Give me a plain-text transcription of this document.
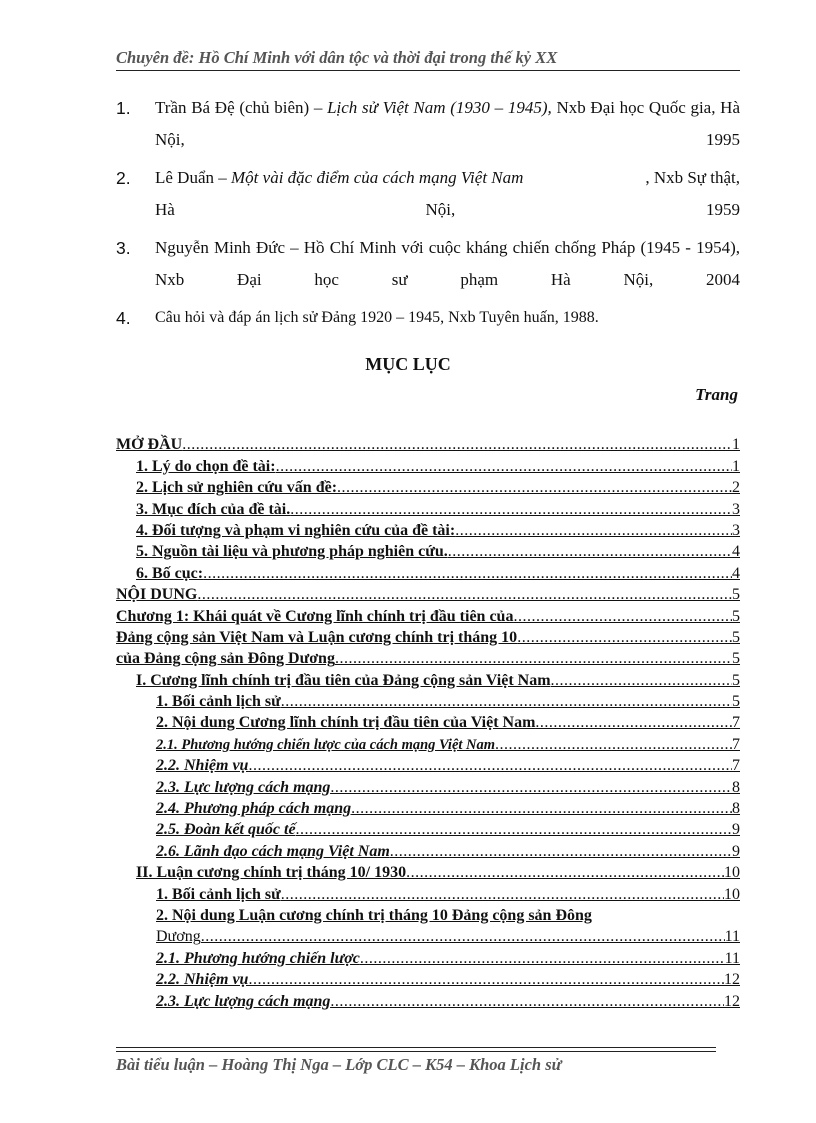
Chuyên đề: Hồ Chí Minh với dân tộc và thời đại trong thế kỷ XX
1. Trần Bá Đệ (chủ biên) – Lịch sử Việt Nam (1930 – 1945), Nxb Đại học Quốc gia, Hà Nội, 1995
2. Lê Duẩn – Một vài đặc điểm của cách mạng Việt Nam	, Nxb Sự thật,
Hà	Nội,	1959
3. Nguyễn Minh Đức – Hồ Chí Minh với cuộc kháng chiến chống Pháp (1945 - 1954), Nxb Đại học sư phạm Hà Nội, 2004
4. Câu hỏi và đáp án lịch sử Đảng 1920 – 1945, Nxb Tuyên huấn, 1988.
MỤC LỤC
Trang
MỞ ĐẦU .....	1
1. Lý do chọn đề tài: .....	1
2. Lịch sử nghiên cứu vấn đề: .....	2
3. Mục đích của đề tài. .....	3
4. Đối tượng và phạm vi nghiên cứu của đề tài: .....	3
5. Nguồn tài liệu và phương pháp nghiên cứu. .....	4
6. Bố cục: .....	4
NỘI DUNG .....	5
Chương 1: Khái quát về Cương lĩnh chính trị đầu tiên của .....	5
Đảng cộng sản Việt Nam và Luận cương chính trị tháng 10 .....	5
của Đảng cộng sản Đông Dương .....	5
I. Cương lĩnh chính trị đầu tiên của Đảng cộng sản Việt Nam .....	5
1. Bối cảnh lịch sử .....	5
2. Nội dung Cương lĩnh chính trị đầu tiên của Việt Nam .....	7
2.1. Phương hướng chiến lược của cách mạng Việt Nam .....	7
2.2. Nhiệm vụ .....	7
2.3. Lực lượng cách mạng .....	8
2.4. Phương pháp cách mạng .....	8
2.5. Đoàn kết quốc tế .....	9
2.6. Lãnh đạo cách mạng Việt Nam .....	9
II. Luận cương chính trị tháng 10/ 1930 .....	10
1. Bối cảnh lịch sử .....	10
2. Nội dung Luận cương chính trị tháng 10 Đảng cộng sản Đông
Dương .....	11
2.1. Phương hướng chiến lược .....	11
2.2. Nhiệm vụ .....	12
2.3. Lực lượng cách mạng .....	12
Bài tiểu luận – Hoàng Thị Nga – Lớp CLC – K54 – Khoa Lịch sử
